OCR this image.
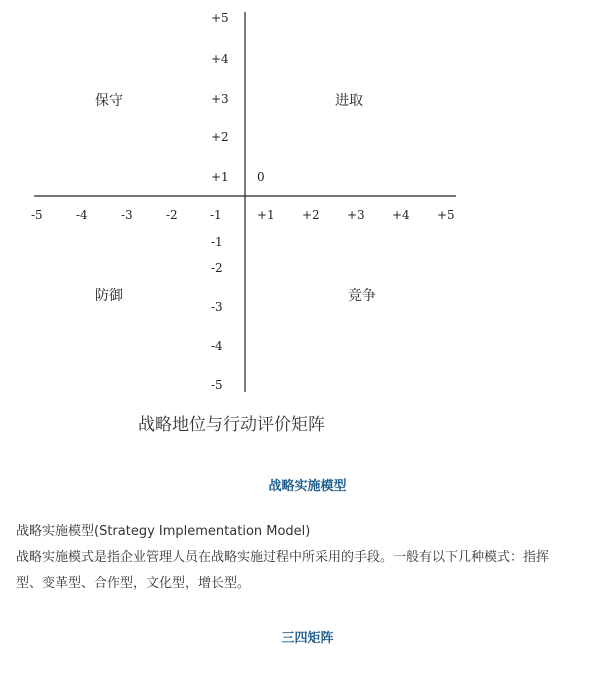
+5
+4
+3
+2
+1 0
-5	-4	-3	-2	-1	+1 +2 +3 +4 +5
-1
-2
-3
-4
-5
保守	进取
防御	竞争
战略地位与行动评价矩阵
战略实施模型
战略实施模型(Strategy Implementation Model)
战略实施模式是指企业管理人员在战略实施过程中所采用的手段。一般有以下几种模式：指挥
型、变革型、合作型，文化型，增长型。
三四矩阵
